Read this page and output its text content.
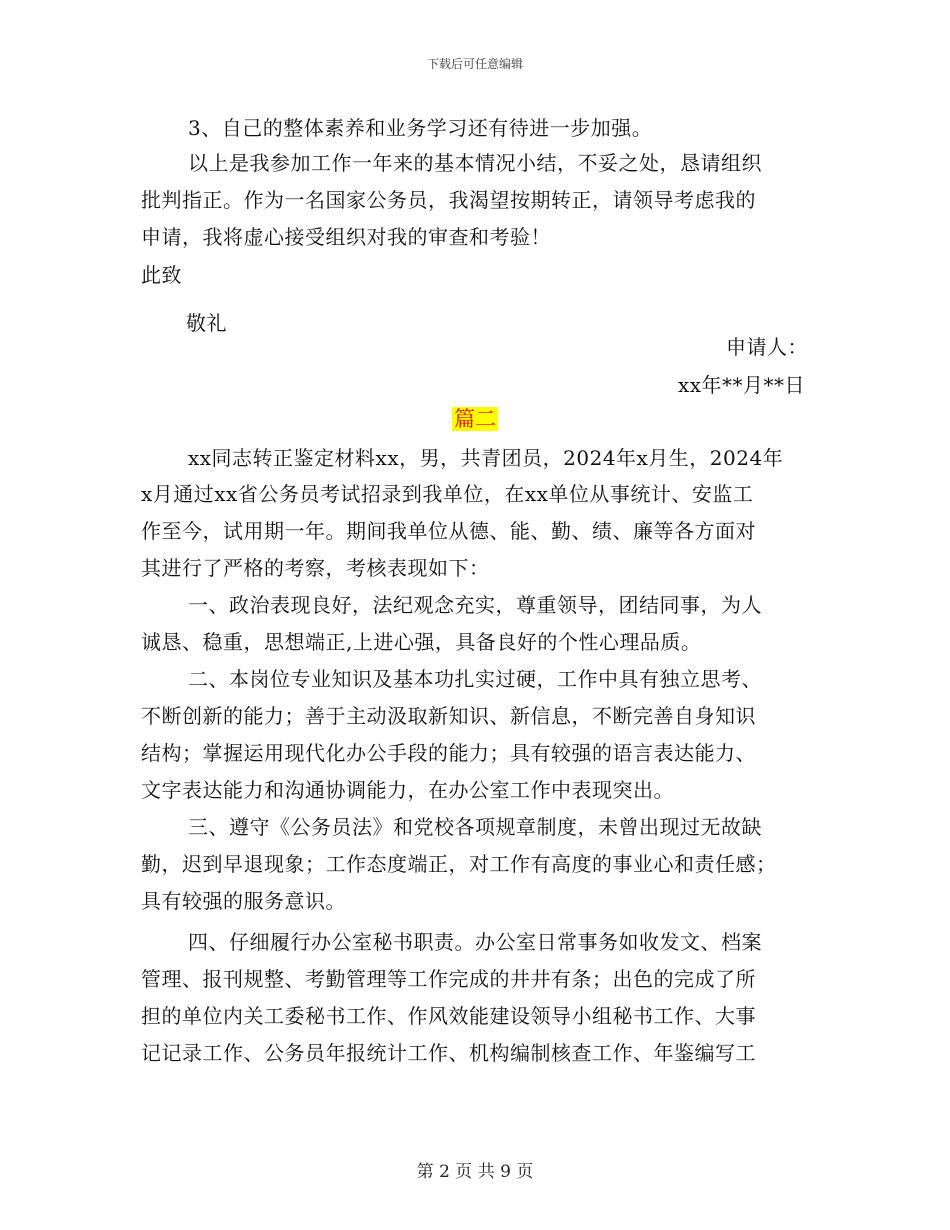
下载后可任意编辑
3、自己的整体素养和业务学习还有待进一步加强。
以上是我参加工作一年来的基本情况小结，不妥之处，恳请组织
批判指正。作为一名国家公务员，我渴望按期转正，请领导考虑我的
申请，我将虚心接受组织对我的审查和考验！
此致
敬礼
申请人：
xx年**月**日
篇二
xx同志转正鉴定材料xx，男，共青团员，2024年x月生，2024年
x月通过xx省公务员考试招录到我单位，在xx单位从事统计、安监工
作至今，试用期一年。期间我单位从德、能、勤、绩、廉等各方面对
其进行了严格的考察，考核表现如下：
一、政治表现良好，法纪观念充实，尊重领导，团结同事，为人
诚恳、稳重，思想端正,上进心强，具备良好的个性心理品质。
二、本岗位专业知识及基本功扎实过硬，工作中具有独立思考、
不断创新的能力；善于主动汲取新知识、新信息，不断完善自身知识
结构；掌握运用现代化办公手段的能力；具有较强的语言表达能力、
文字表达能力和沟通协调能力，在办公室工作中表现突出。
三、遵守《公务员法》和党校各项规章制度，未曾出现过无故缺
勤，迟到早退现象；工作态度端正，对工作有高度的事业心和责任感；
具有较强的服务意识。
四、仔细履行办公室秘书职责。办公室日常事务如收发文、档案
管理、报刊规整、考勤管理等工作完成的井井有条；出色的完成了所
担的单位内关工委秘书工作、作风效能建设领导小组秘书工作、大事
记记录工作、公务员年报统计工作、机构编制核查工作、年鉴编写工
第 2 页 共 9 页
